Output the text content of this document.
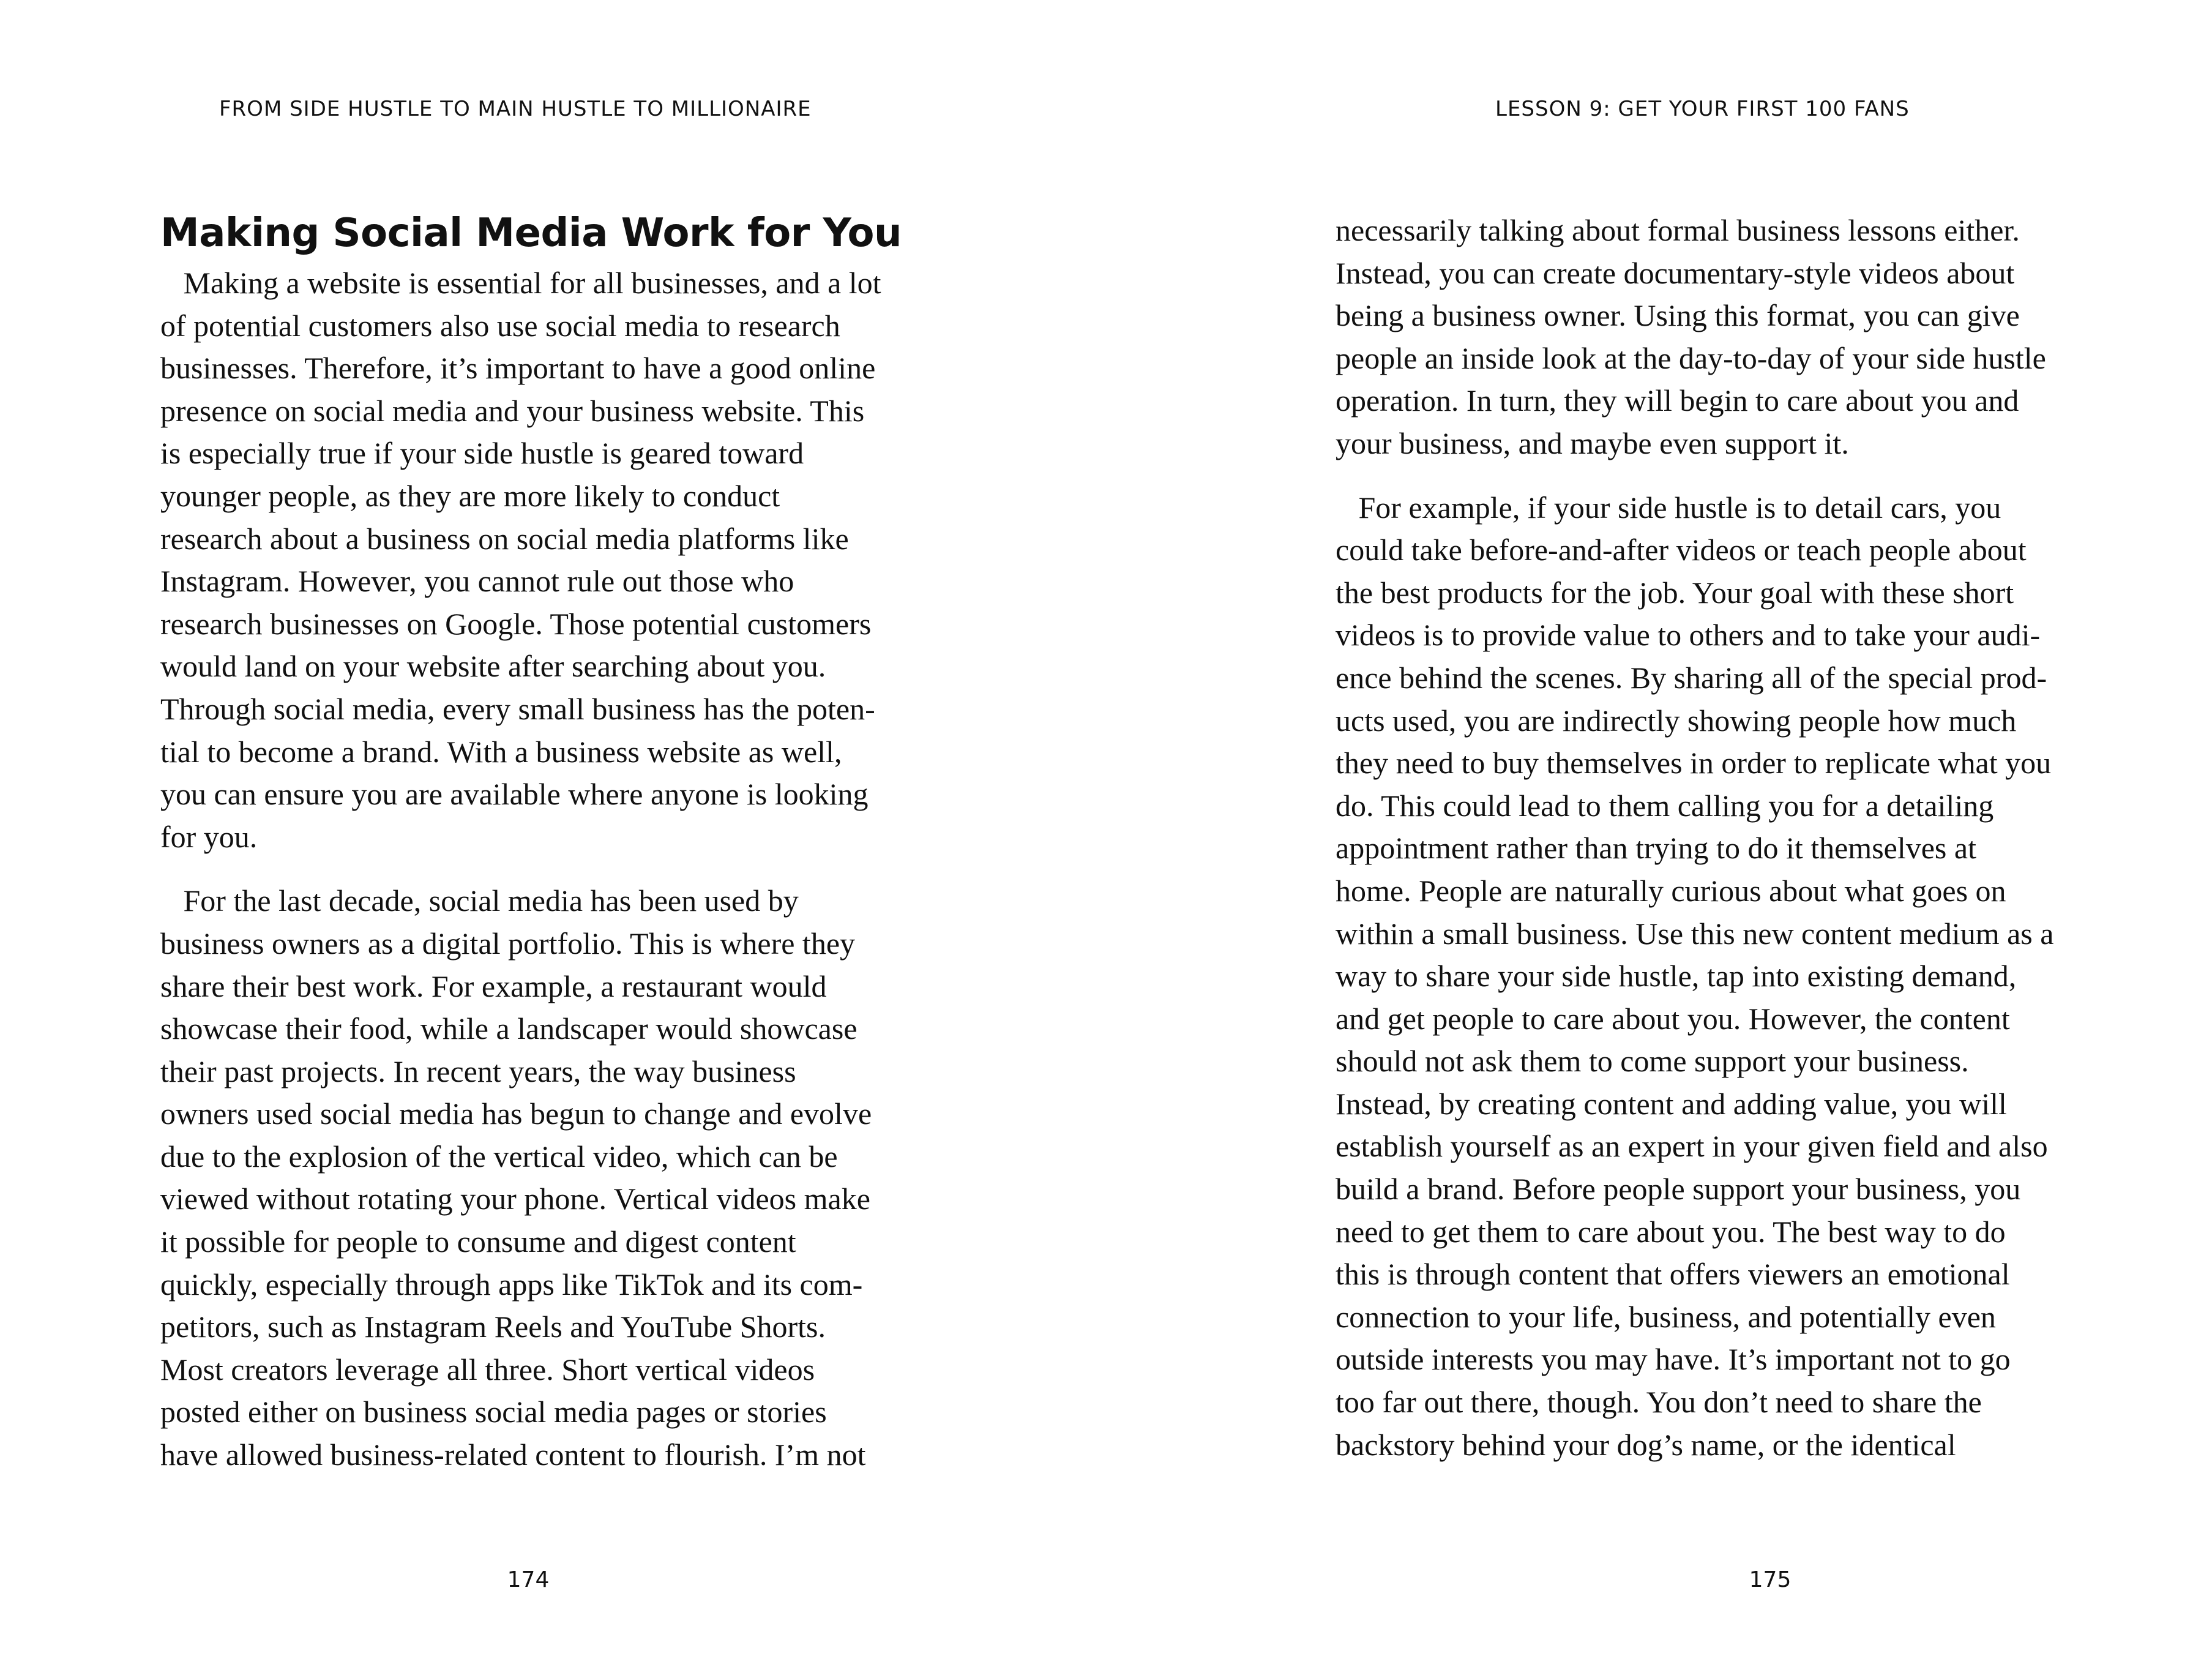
FROM SIDE HUSTLE TO MAIN HUSTLE TO MILLIONAIRE
Making Social Media Work for You
Making a website is essential for all businesses, and a lot
of potential customers also use social media to research
businesses. Therefore, it’s important to have a good online
presence on social media and your business website. This
is especially true if your side hustle is geared toward
younger people, as they are more likely to conduct
research about a business on social media platforms like
Instagram. However, you cannot rule out those who
research businesses on Google. Those potential customers
would land on your website after searching about you.
Through social media, every small business has the poten-
tial to become a brand. With a business website as well,
you can ensure you are available where anyone is looking
for you.
For the last decade, social media has been used by
business owners as a digital portfolio. This is where they
share their best work. For example, a restaurant would
showcase their food, while a landscaper would showcase
their past projects. In recent years, the way business
owners used social media has begun to change and evolve
due to the explosion of the vertical video, which can be
viewed without rotating your phone. Vertical videos make
it possible for people to consume and digest content
quickly, especially through apps like TikTok and its com-
petitors, such as Instagram Reels and YouTube Shorts.
Most creators leverage all three. Short vertical videos
posted either on business social media pages or stories
have allowed business-related content to flourish. I’m not
174
LESSON 9: GET YOUR FIRST 100 FANS
necessarily talking about formal business lessons either.
Instead, you can create documentary-style videos about
being a business owner. Using this format, you can give
people an inside look at the day-to-day of your side hustle
operation. In turn, they will begin to care about you and
your business, and maybe even support it.
For example, if your side hustle is to detail cars, you
could take before-and-after videos or teach people about
the best products for the job. Your goal with these short
videos is to provide value to others and to take your audi-
ence behind the scenes. By sharing all of the special prod-
ucts used, you are indirectly showing people how much
they need to buy themselves in order to replicate what you
do. This could lead to them calling you for a detailing
appointment rather than trying to do it themselves at
home. People are naturally curious about what goes on
within a small business. Use this new content medium as a
way to share your side hustle, tap into existing demand,
and get people to care about you. However, the content
should not ask them to come support your business.
Instead, by creating content and adding value, you will
establish yourself as an expert in your given field and also
build a brand. Before people support your business, you
need to get them to care about you. The best way to do
this is through content that offers viewers an emotional
connection to your life, business, and potentially even
outside interests you may have. It’s important not to go
too far out there, though. You don’t need to share the
backstory behind your dog’s name, or the identical
175
